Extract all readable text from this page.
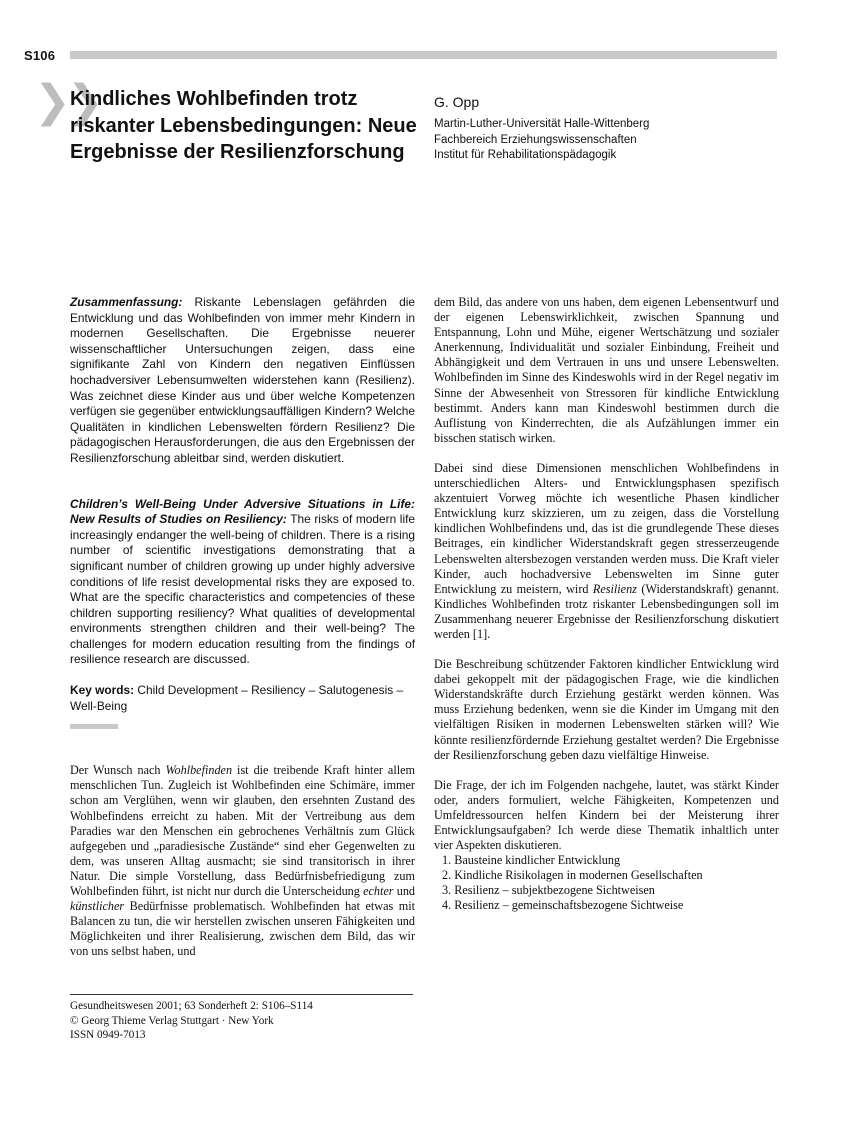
S106
❯❯
Kindliches Wohlbefinden trotz
riskanter Lebensbedingungen: Neue
Ergebnisse der Resilienzforschung
G. Opp
Martin-Luther-Universität Halle-Wittenberg
Fachbereich Erziehungswissenschaften
Institut für Rehabilitationspädagogik

Zusammenfassung: Riskante Lebenslagen gefährden die Entwicklung und das Wohlbefinden von immer mehr Kindern in modernen Gesellschaften. Die Ergebnisse neuerer wissenschaftlicher Untersuchungen zeigen, dass eine signifikante Zahl von Kindern den negativen Einflüssen hochadversiver Lebensumwelten widerstehen kann (Resilienz). Was zeichnet diese Kinder aus und über welche Kompetenzen verfügen sie gegenüber entwicklungsauffälligen Kindern? Welche Qualitäten in kindlichen Lebenswelten fördern Resilienz? Die pädagogischen Herausforderungen, die aus den Ergebnissen der Resilienzforschung ableitbar sind, werden diskutiert.

Children’s Well-Being Under Adversive Situations in Life: New Results of Studies on Resiliency: The risks of modern life increasingly endanger the well-being of children. There is a rising number of scientific investigations demonstrating that a significant number of children growing up under highly adversive conditions of life resist developmental risks they are exposed to. What are the specific characteristics and competencies of these children supporting resiliency? What qualities of developmental environments strengthen children and their well-being? The challenges for modern education resulting from the findings of resilience research are discussed.

Key words: Child Development – Resiliency – Salutogenesis – Well-Being

Der Wunsch nach Wohlbefinden ist die treibende Kraft hinter allem menschlichen Tun. Zugleich ist Wohlbefinden eine Schimäre, immer schon am Verglühen, wenn wir glauben, den ersehnten Zustand des Wohlbefindens erreicht zu haben. Mit der Vertreibung aus dem Paradies war den Menschen ein gebrochenes Verhältnis zum Glück aufgegeben und „paradiesische Zustände“ sind eher Gegenwelten zu dem, was unseren Alltag ausmacht; sie sind transitorisch in ihrer Natur. Die simple Vorstellung, dass Bedürfnisbefriedigung zum Wohlbefinden führt, ist nicht nur durch die Unterscheidung echter und künstlicher Bedürfnisse problematisch. Wohlbefinden hat etwas mit Balancen zu tun, die wir herstellen zwischen unseren Fähigkeiten und Möglichkeiten und ihrer Realisierung, zwischen dem Bild, das wir von uns selbst haben, und

dem Bild, das andere von uns haben, dem eigenen Lebensentwurf und der eigenen Lebenswirklichkeit, zwischen Spannung und Entspannung, Lohn und Mühe, eigener Wertschätzung und sozialer Anerkennung, Individualität und sozialer Einbindung, Freiheit und Abhängigkeit und dem Vertrauen in uns und unsere Lebenswelten. Wohlbefinden im Sinne des Kindeswohls wird in der Regel negativ im Sinne der Abwesenheit von Stressoren für kindliche Entwicklung bestimmt. Anders kann man Kindeswohl bestimmen durch die Auflistung von Kinderrechten, die als Aufzählungen immer ein bisschen statisch wirken.

Dabei sind diese Dimensionen menschlichen Wohlbefindens in unterschiedlichen Alters- und Entwicklungsphasen spezifisch akzentuiert Vorweg möchte ich wesentliche Phasen kindlicher Entwicklung kurz skizzieren, um zu zeigen, dass die Vorstellung kindlichen Wohlbefindens und, das ist die grundlegende These dieses Beitrages, ein kindlicher Widerstandskraft gegen stresserzeugende Lebenswelten altersbezogen verstanden werden muss. Die Kraft vieler Kinder, auch hochadversive Lebenswelten im Sinne guter Entwicklung zu meistern, wird Resilienz (Widerstandskraft) genannt. Kindliches Wohlbefinden trotz riskanter Lebensbedingungen soll im Zusammenhang neuerer Ergebnisse der Resilienzforschung diskutiert werden [1].

Die Beschreibung schützender Faktoren kindlicher Entwicklung wird dabei gekoppelt mit der pädagogischen Frage, wie die kindlichen Widerstandskräfte durch Erziehung gestärkt werden können. Was muss Erziehung bedenken, wenn sie die Kinder im Umgang mit den vielfältigen Risiken in modernen Lebenswelten stärken will? Wie könnte resilienzfördernde Erziehung gestaltet werden? Die Ergebnisse der Resilienzforschung geben dazu vielfältige Hinweise.

Die Frage, der ich im Folgenden nachgehe, lautet, was stärkt Kinder oder, anders formuliert, welche Fähigkeiten, Kompetenzen und Umfeldressourcen helfen Kindern bei der Meisterung ihrer Entwicklungsaufgaben? Ich werde diese Thematik inhaltlich unter vier Aspekten diskutieren.

1. Bausteine kindlicher Entwicklung
2. Kindliche Risikolagen in modernen Gesellschaften
3. Resilienz – subjektbezogene Sichtweisen
4. Resilienz – gemeinschaftsbezogene Sichtweise
Gesundheitswesen 2001; 63 Sonderheft 2: S106–S114
© Georg Thieme Verlag Stuttgart · New York
ISSN 0949-7013
